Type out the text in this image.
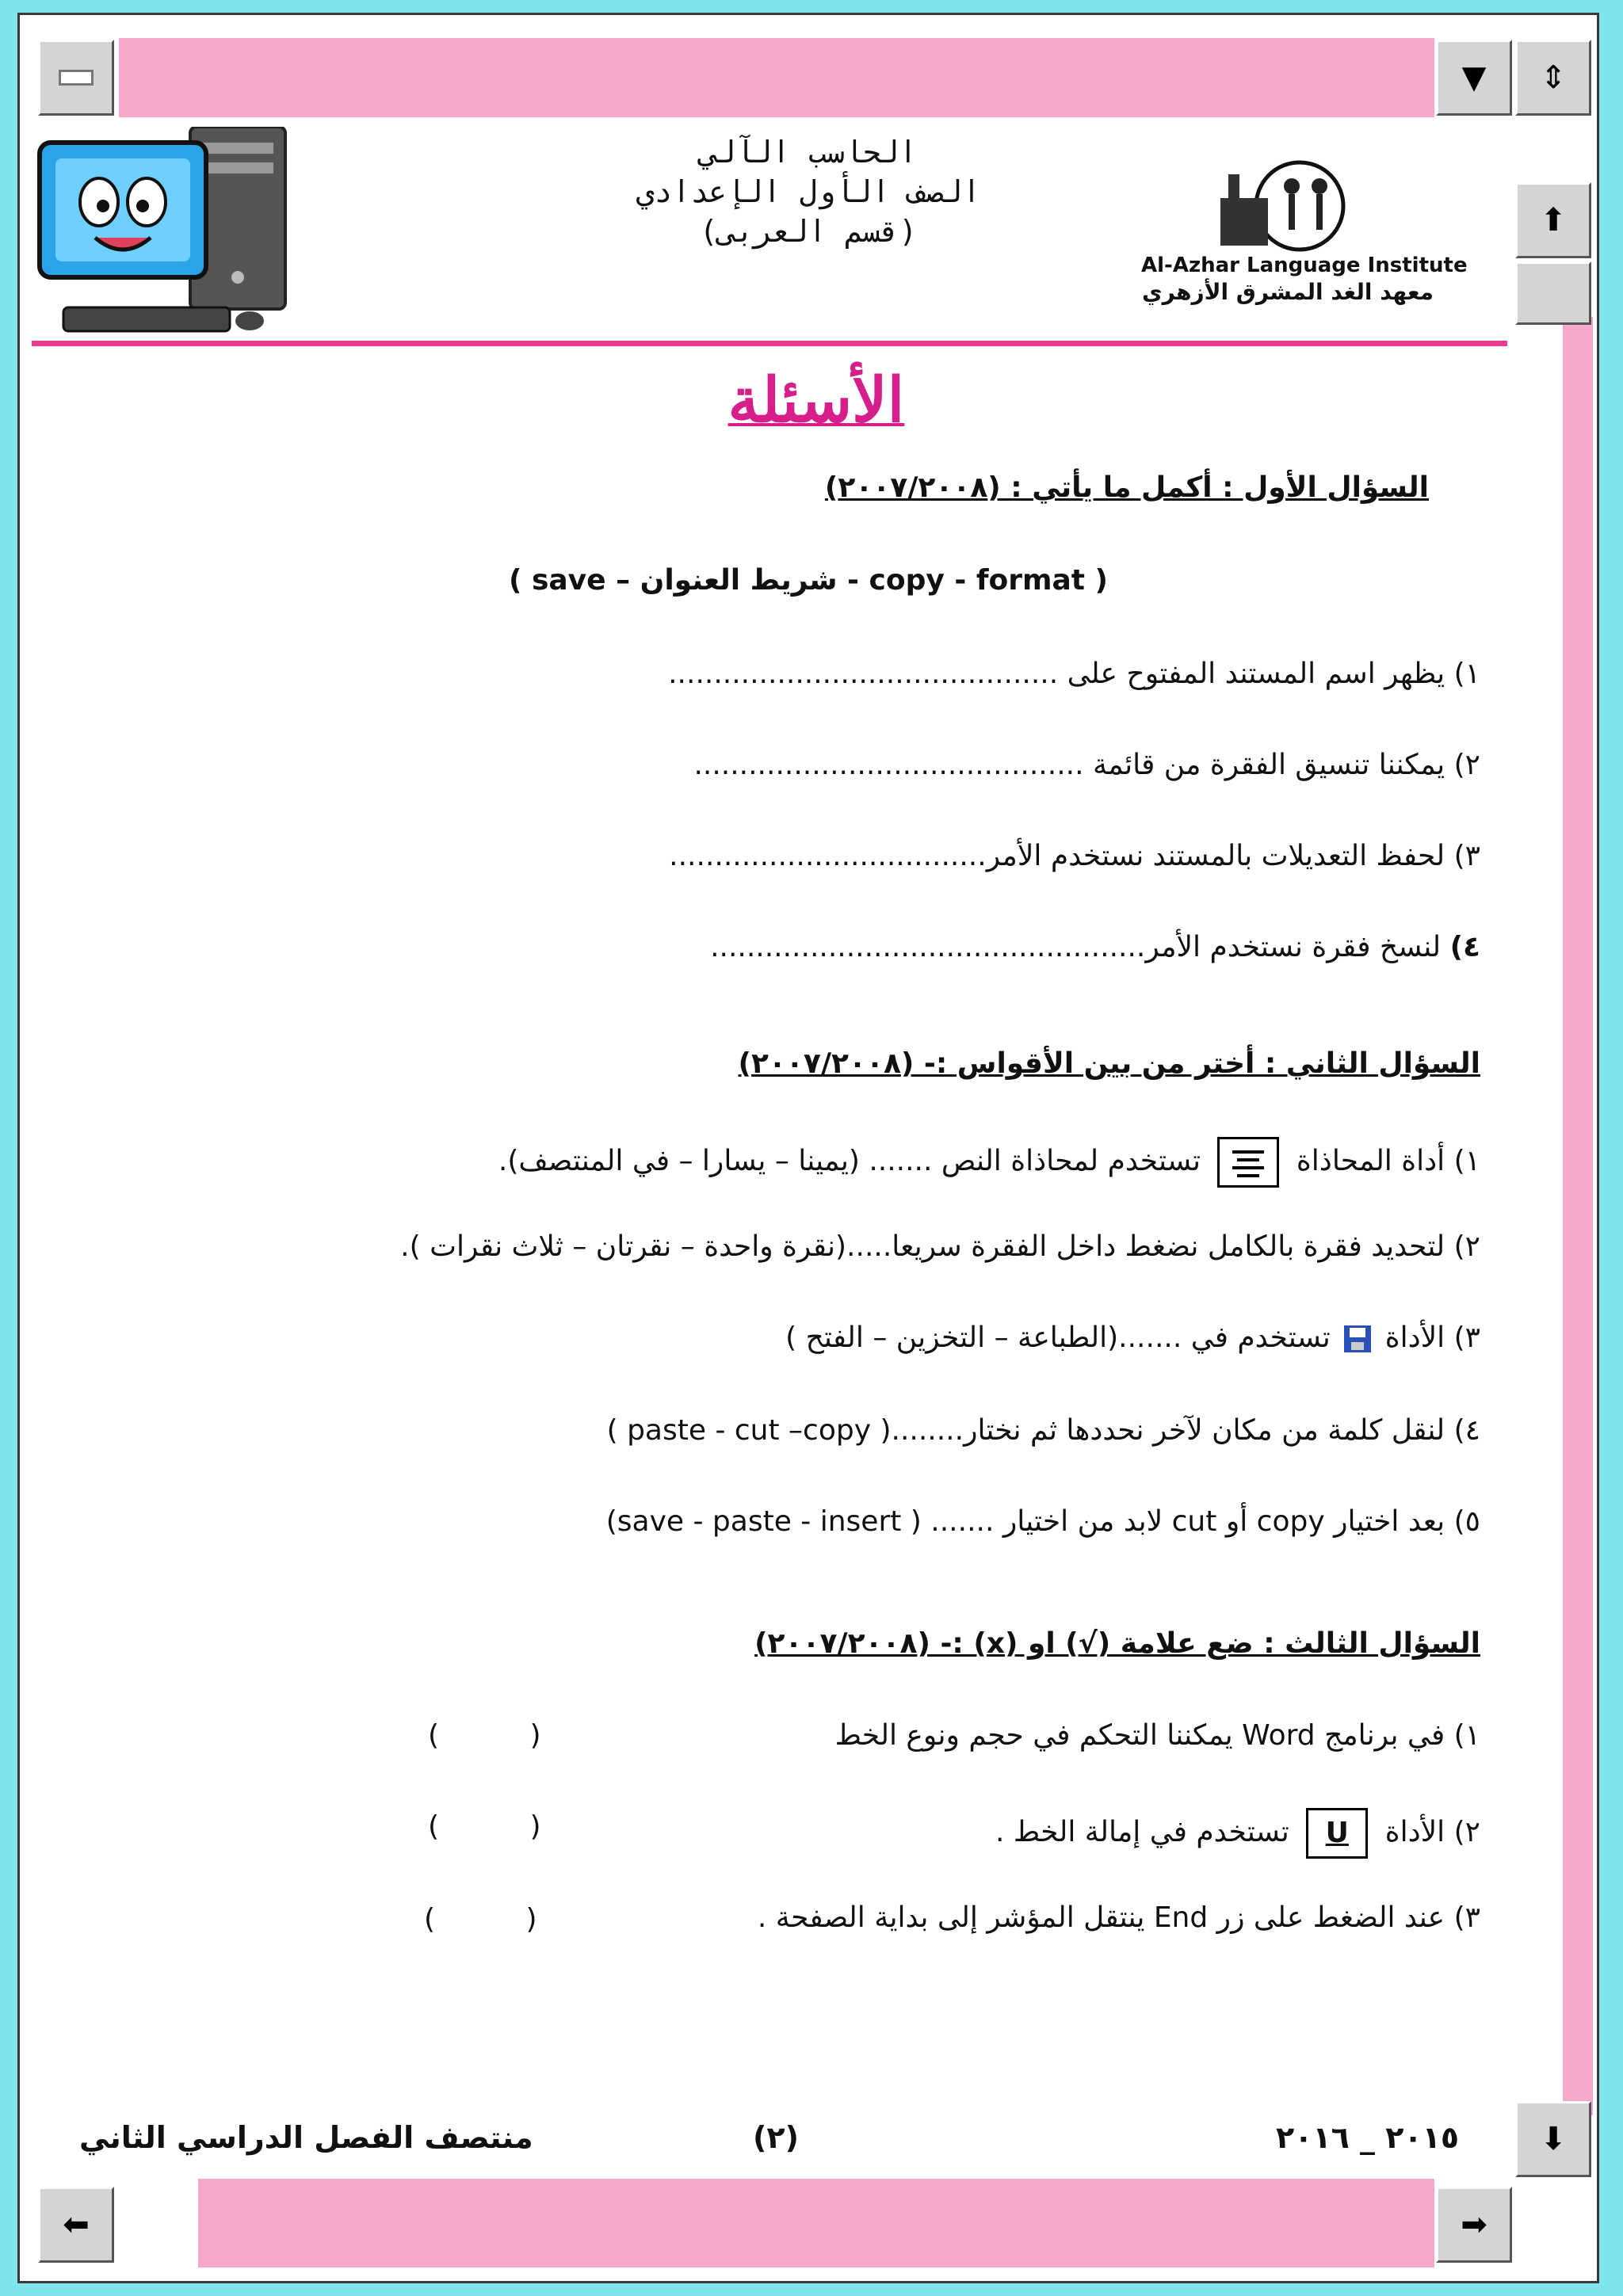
▼ ⇕
⬆
⬇
⬅	➡
الحاسب الآلي
الصف الأول الإعدادي
(قسم العربى)
Al-Azhar Language Institute
معهد الغد المشرق الأزهري
الأسئلة
السؤال الأول : أكمل ما يأتي : (٢٠٠٧/٢٠٠٨)
( save – شريط العنوان - copy - format )
١) يظهر اسم المستند المفتوح على ...........................................
٢) يمكننا تنسيق الفقرة من قائمة ...........................................
٣) لحفظ التعديلات بالمستند نستخدم الأمر...................................
٤) لنسخ فقرة نستخدم الأمر................................................
السؤال الثاني : أختر من بين الأقواس :- (٢٠٠٧/٢٠٠٨)
١) أداة المحاذاة
تستخدم لمحاذاة النص ....... (يمينا – يسارا – في المنتصف).
٢) لتحديد فقرة بالكامل نضغط داخل الفقرة سريعا.....(نقرة واحدة – نقرتان – ثلاث نقرات ).
٣) الأداة
تستخدم في .......(الطباعة – التخزين – الفتح )
٤) لنقل كلمة من مكان لآخر نحددها ثم نختار........( paste - cut –copy )
٥) بعد اختيار copy أو cut لابد من اختيار ....... ( save - paste - insert)
السؤال الثالث : ضع علامة (√) او (x) :- (٢٠٠٧/٢٠٠٨)
١) في برنامج Word يمكننا التحكم في حجم ونوع الخط
(          )
٢) الأداة U تستخدم في إمالة الخط .
(          )
٣) عند الضغط على زر End ينتقل المؤشر إلى بداية الصفحة .
(          )
منتصف الفصل الدراسي الثاني	(٢)	٢٠١٥ _ ٢٠١٦
